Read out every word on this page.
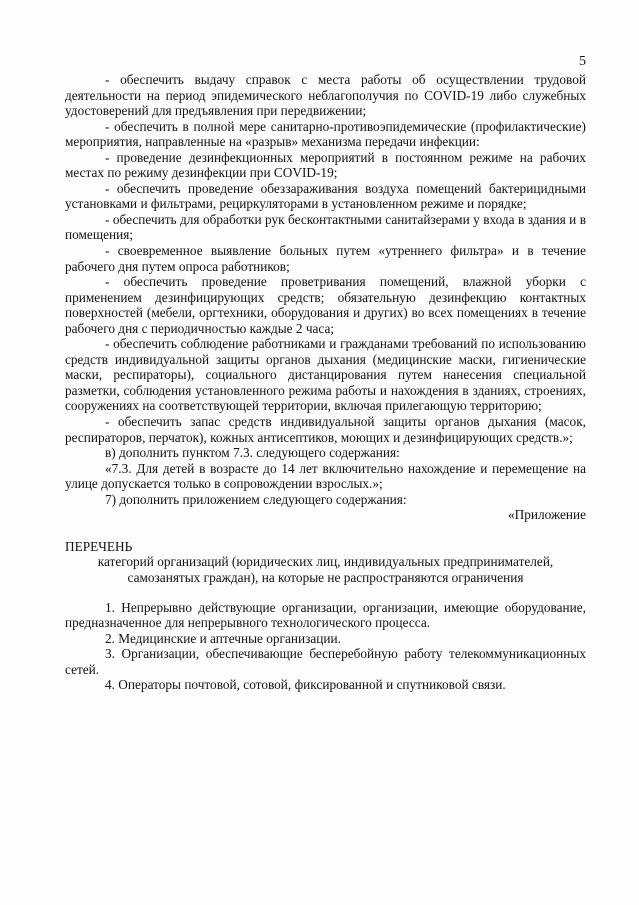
5

- обеспечить выдачу справок с места работы об осуществлении трудовой деятельности на период эпидемического неблагополучия по COVID-19 либо служебных удостоверений для предъявления при передвижении;

- обеспечить в полной мере санитарно-противоэпидемические (профилактические) мероприятия, направленные на «разрыв» механизма передачи инфекции:

- проведение дезинфекционных мероприятий в постоянном режиме на рабочих местах по режиму дезинфекции при COVID-19;

- обеспечить проведение обеззараживания воздуха помещений бактерицидными установками и фильтрами, рециркуляторами в установленном режиме и порядке;

- обеспечить для обработки рук бесконтактными санитайзерами у входа в здания и в помещения;

- своевременное выявление больных путем «утреннего фильтра» и в течение рабочего дня путем опроса работников;

- обеспечить проведение проветривания помещений, влажной уборки с применением дезинфицирующих средств; обязательную дезинфекцию контактных поверхностей (мебели, оргтехники, оборудования и других) во всех помещениях в течение рабочего дня с периодичностью каждые 2 часа;

- обеспечить соблюдение работниками и гражданами требований по использованию средств индивидуальной защиты органов дыхания (медицинские маски, гигиенические маски, респираторы), социального дистанцирования путем нанесения специальной разметки, соблюдения установленного режима работы и нахождения в зданиях, строениях, сооружениях на соответствующей территории, включая прилегающую территорию;

- обеспечить запас средств индивидуальной защиты органов дыхания (масок, респираторов, перчаток), кожных антисептиков, моющих и дезинфицирующих средств.»;

в) дополнить пунктом 7.3. следующего содержания:

«7.3. Для детей в возрасте до 14 лет включительно нахождение и перемещение на улице допускается только в сопровождении взрослых.»;

7) дополнить приложением следующего содержания:

«Приложение

ПЕРЕЧЕНЬ

категорий организаций (юридических лиц, индивидуальных предпринимателей, самозанятых граждан), на которые не распространяются ограничения

1. Непрерывно действующие организации, организации, имеющие оборудование, предназначенное для непрерывного технологического процесса.

2. Медицинские и аптечные организации.

3. Организации, обеспечивающие бесперебойную работу телекоммуникационных сетей.

4. Операторы почтовой, сотовой, фиксированной и спутниковой связи.
